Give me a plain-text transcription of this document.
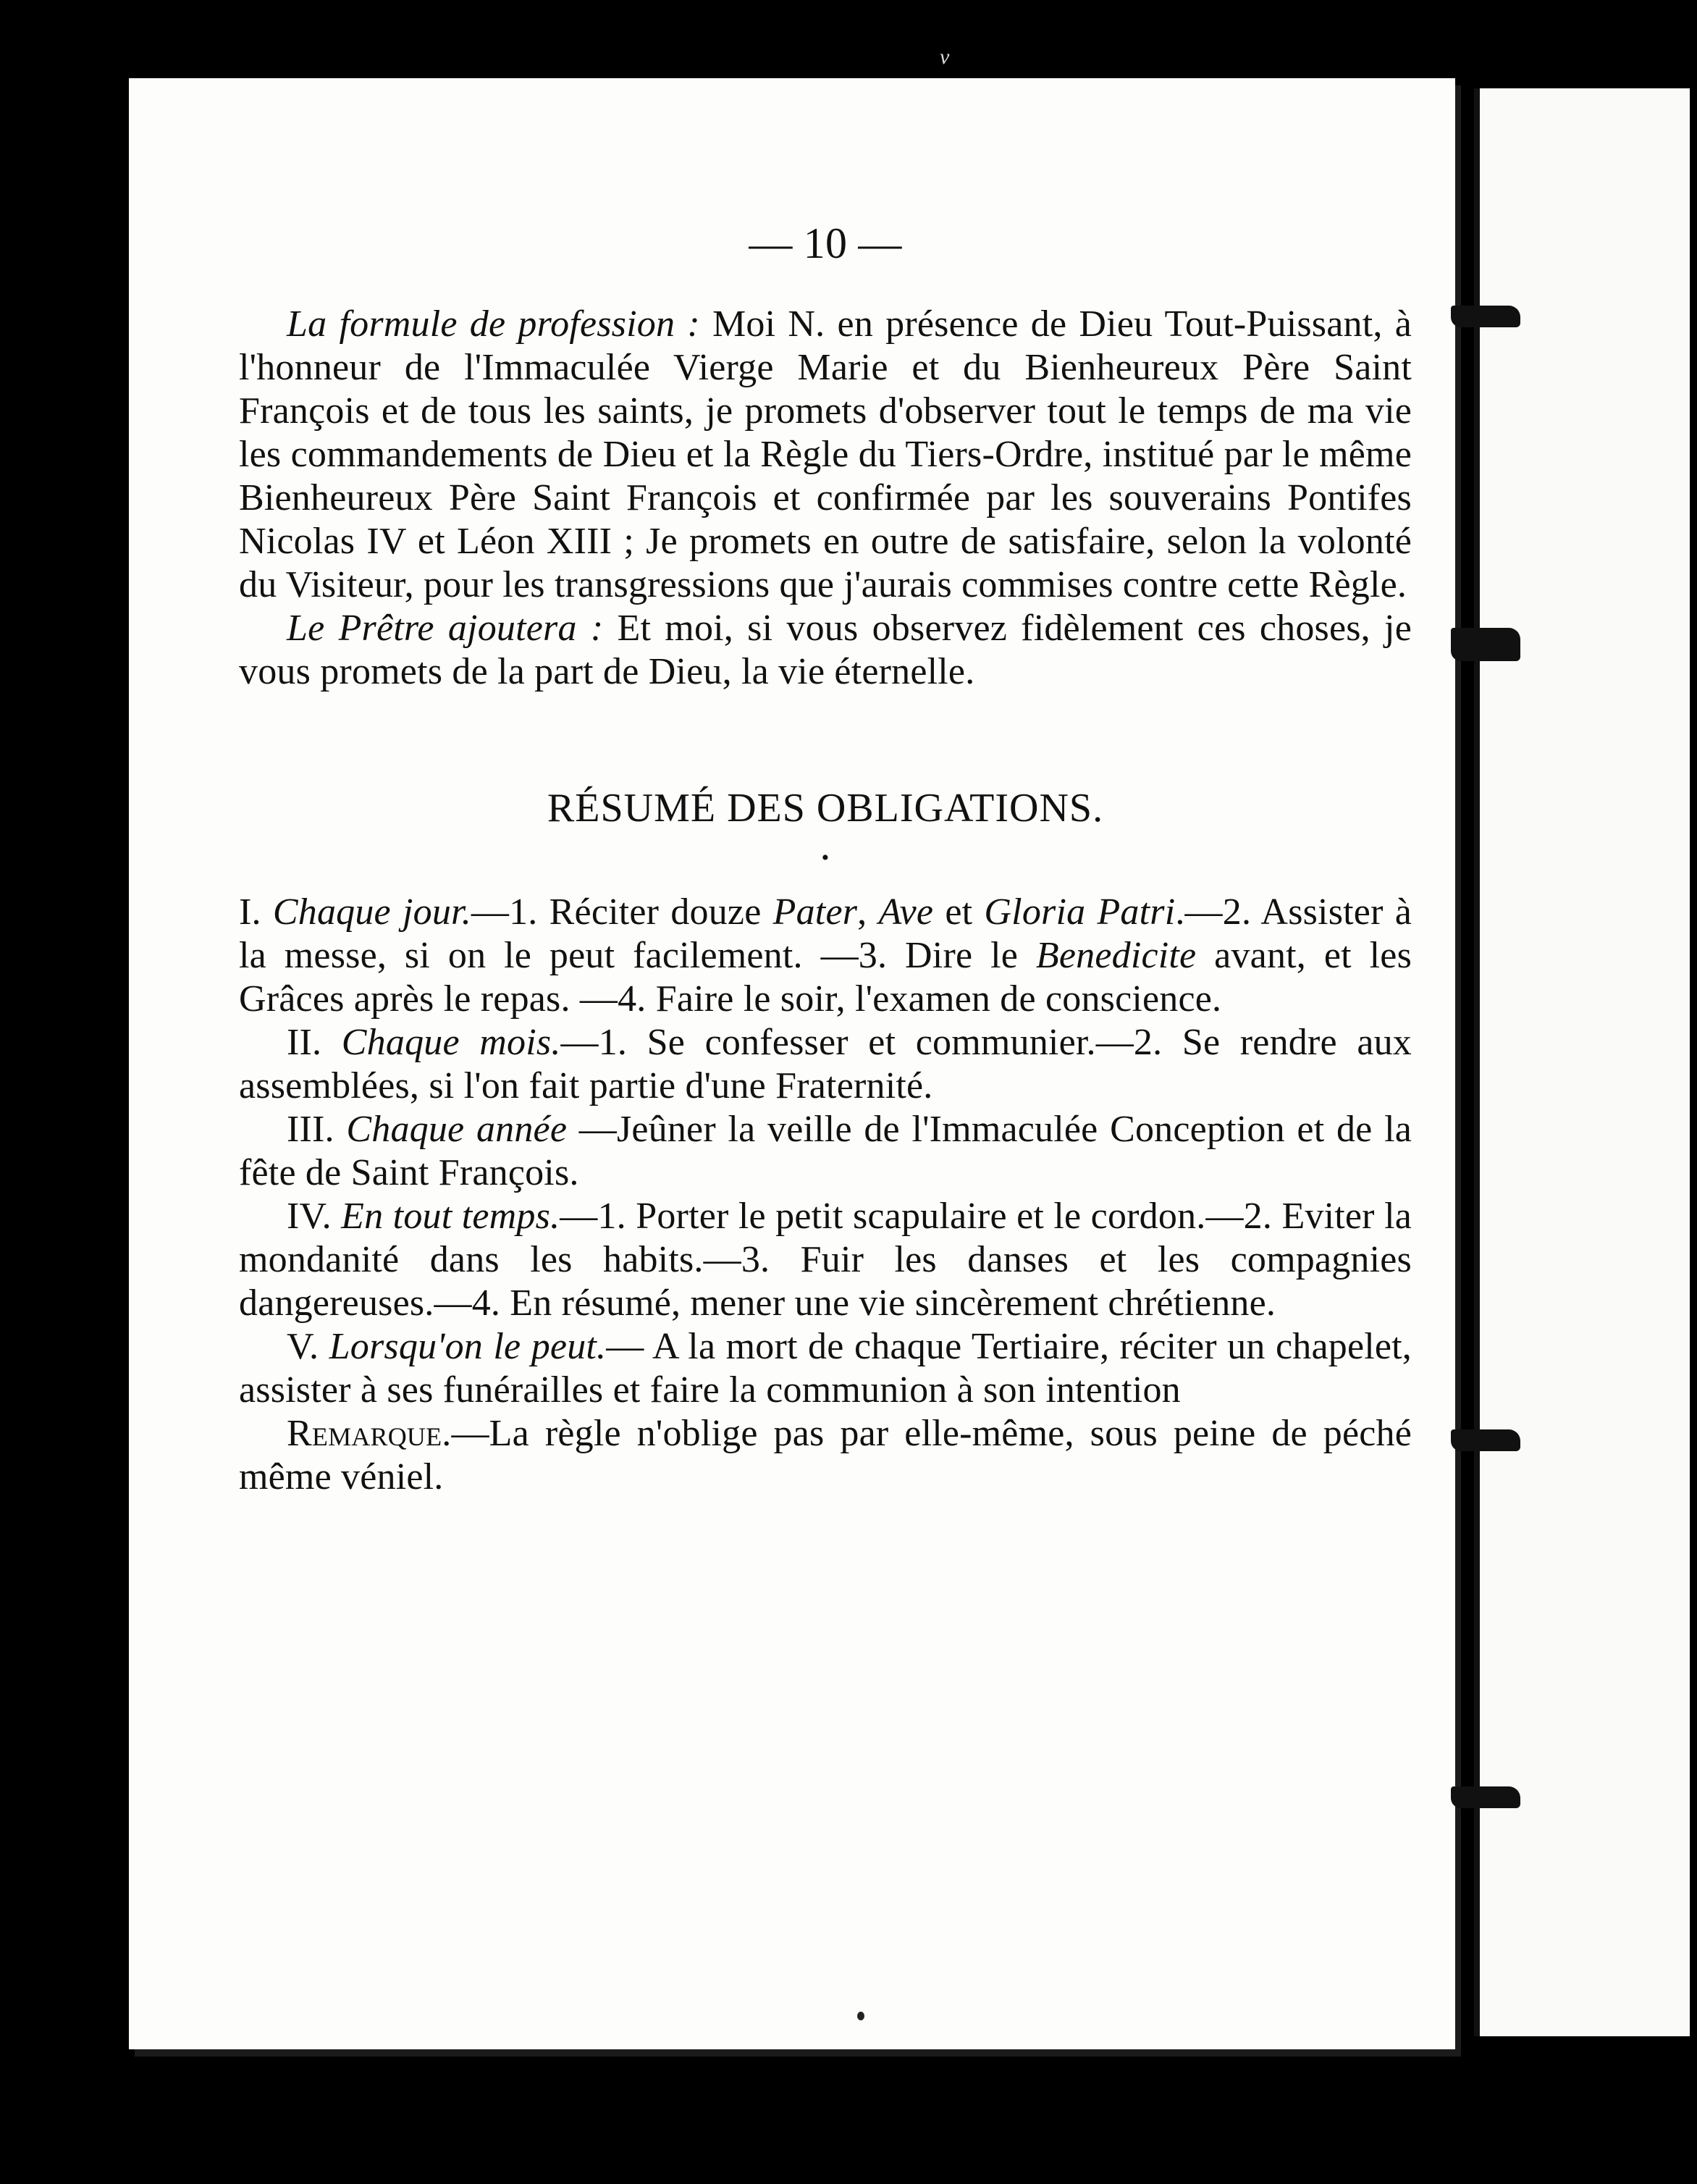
v
— 10 —

La formule de profession : Moi N. en présence de Dieu Tout-Puissant, à l'honneur de l'Immaculée Vierge Marie et du Bienheureux Père Saint François et de tous les saints, je promets d'observer tout le temps de ma vie les commandements de Dieu et la Règle du Tiers-Ordre, institué par le même Bienheureux Père Saint François et confirmée par les souverains Pontifes Nicolas IV et Léon XIII ; Je promets en outre de satisfaire, selon la volonté du Visiteur, pour les transgressions que j'aurais commises contre cette Règle.

Le Prêtre ajoutera : Et moi, si vous observez fidèlement ces choses, je vous promets de la part de Dieu, la vie éternelle.

RÉSUMÉ DES OBLIGATIONS.
•

I. Chaque jour.—1. Réciter douze Pater, Ave et Gloria Patri.—2. Assister à la messe, si on le peut facilement. —3. Dire le Benedicite avant, et les Grâces après le repas. —4. Faire le soir, l'examen de conscience.

II. Chaque mois.—1. Se confesser et communier.—2. Se rendre aux assemblées, si l'on fait partie d'une Fraternité.

III. Chaque année —Jeûner la veille de l'Immaculée Conception et de la fête de Saint François.

IV. En tout temps.—1. Porter le petit scapulaire et le cordon.—2. Eviter la mondanité dans les habits.—3. Fuir les danses et les compagnies dangereuses.—4. En résumé, mener une vie sincèrement chrétienne.

V. Lorsqu'on le peut.— A la mort de chaque Tertiaire, réciter un chapelet, assister à ses funérailles et faire la communion à son intention

Remarque.—La règle n'oblige pas par elle-même, sous peine de péché même véniel.
